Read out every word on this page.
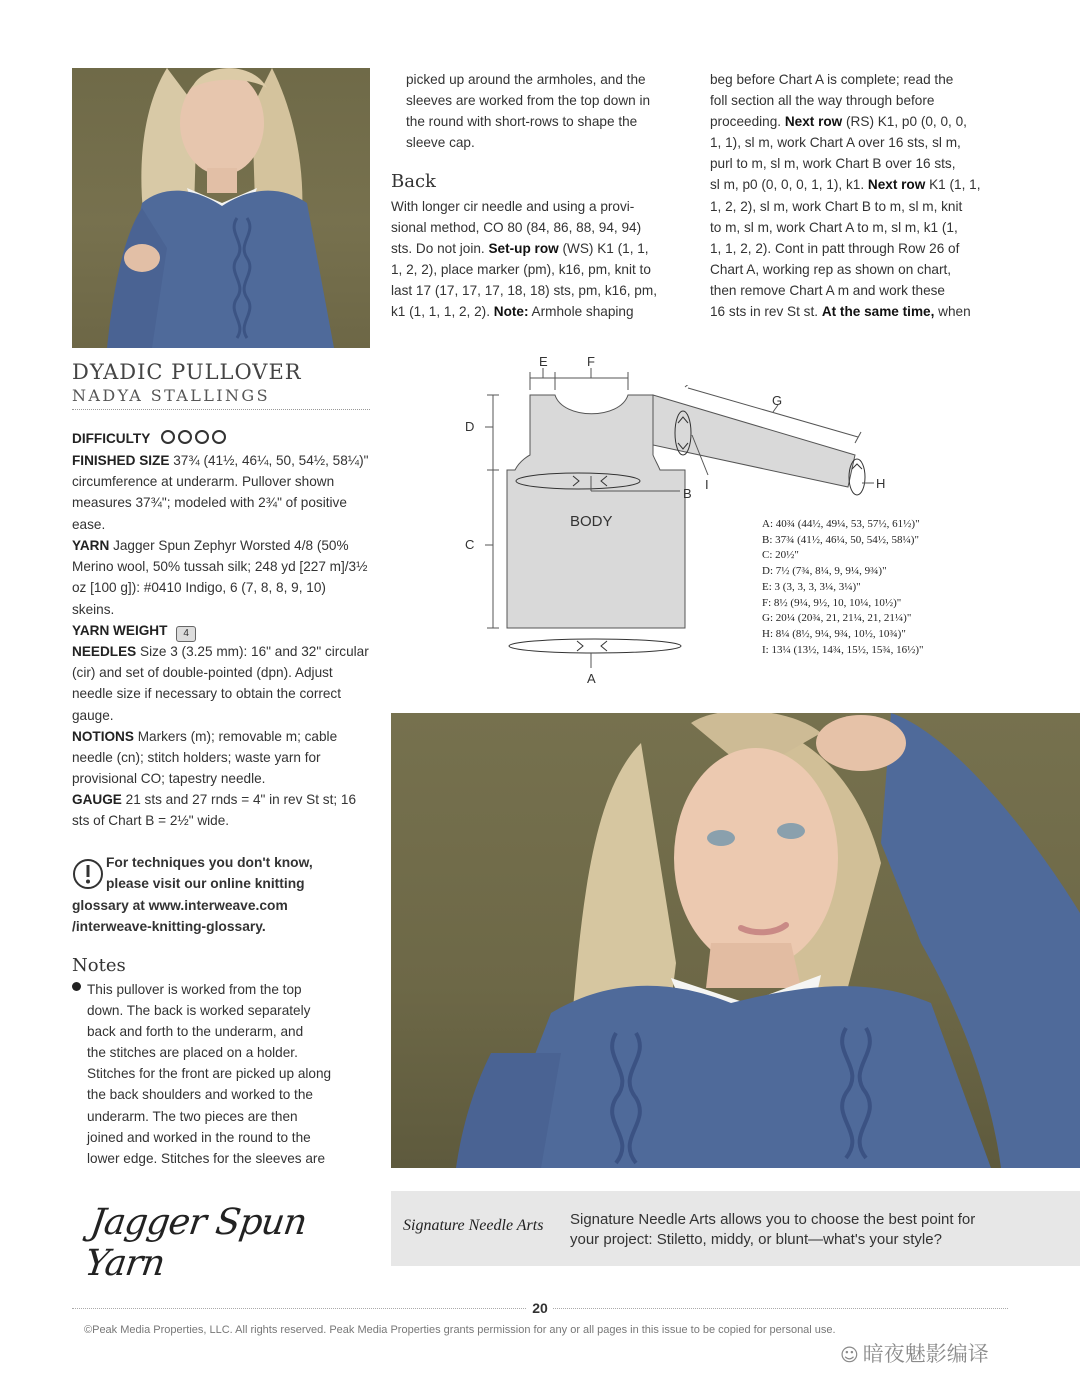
DYADIC PULLOVER
NADYA STALLINGS
DIFFICULTY
FINISHED SIZE 37¾ (41½, 46¼, 50, 54½, 58¼)" circumference at underarm. Pullover shown measures 37¾"; modeled with 2¾" of positive ease.
YARN Jagger Spun Zephyr Worsted 4/8 (50% Merino wool, 50% tussah silk; 248 yd [227 m]/3½ oz [100 g]): #0410 Indigo, 6 (7, 8, 8, 9, 10) skeins.
YARN WEIGHT 4
NEEDLES Size 3 (3.25 mm): 16" and 32" circular (cir) and set of double-pointed (dpn). Adjust needle size if necessary to obtain the correct gauge.
NOTIONS Markers (m); removable m; cable needle (cn); stitch holders; waste yarn for provisional CO; tapestry needle.
GAUGE 21 sts and 27 rnds = 4" in rev St st; 16 sts of Chart B = 2½" wide.
For techniques you don't know,
please visit our online knitting
glossary at www.interweave.com
/interweave-knitting-glossary.
Notes
This pullover is worked from the top
down. The back is worked separately
back and forth to the underarm, and
the stitches are placed on a holder.
Stitches for the front are picked up along
the back shoulders and worked to the
underarm. The two pieces are then
joined and worked in the round to the
lower edge. Stitches for the sleeves are
picked up around the armholes, and the
sleeves are worked from the top down in
the round with short-rows to shape the
sleeve cap.
Back
With longer cir needle and using a provi-
sional method, CO 80 (84, 86, 88, 94, 94)
sts. Do not join. Set-up row (WS) K1 (1, 1,
1, 2, 2), place marker (pm), k16, pm, knit to
last 17 (17, 17, 17, 18, 18) sts, pm, k16, pm,
k1 (1, 1, 1, 2, 2). Note: Armhole shaping
beg before Chart A is complete; read the
foll section all the way through before
proceeding. Next row (RS) K1, p0 (0, 0, 0,
1, 1), sl m, work Chart A over 16 sts, sl m,
purl to m, sl m, work Chart B over 16 sts,
sl m, p0 (0, 0, 0, 1, 1), k1. Next row K1 (1, 1,
1, 2, 2), sl m, work Chart B to m, sl m, knit
to m, sl m, work Chart A to m, sl m, k1 (1,
1, 1, 2, 2). Cont in patt through Row 26 of
Chart A, working rep as shown on chart,
then remove Chart A m and work these
16 sts in rev St st. At the same time, when
E	F
D
C
B
BODY
A
G
I	H
A: 40¾ (44½, 49¼, 53, 57½, 61½)"
B: 37¾ (41½, 46¼, 50, 54½, 58¼)"
C: 20½"
D: 7½ (7¾, 8¼, 9, 9¼, 9¾)"
E: 3 (3, 3, 3, 3¼, 3¼)"
F: 8½ (9¼, 9½, 10, 10¼, 10½)"
G: 20¼ (20¾, 21, 21¼, 21, 21¼)"
H: 8¼ (8½, 9¼, 9¾, 10½, 10¾)"
I: 13¼ (13½, 14¾, 15½, 15¾, 16½)"
Jagger Spun Yarn
Signature Needle Arts Signature Needle Arts allows you to choose the best point for
your project: Stiletto, middy, or blunt—what's your style?
20
©Peak Media Properties, LLC. All rights reserved. Peak Media Properties grants permission for any or all pages in this issue to be copied for personal use.
☺ 暗夜魅影编译
